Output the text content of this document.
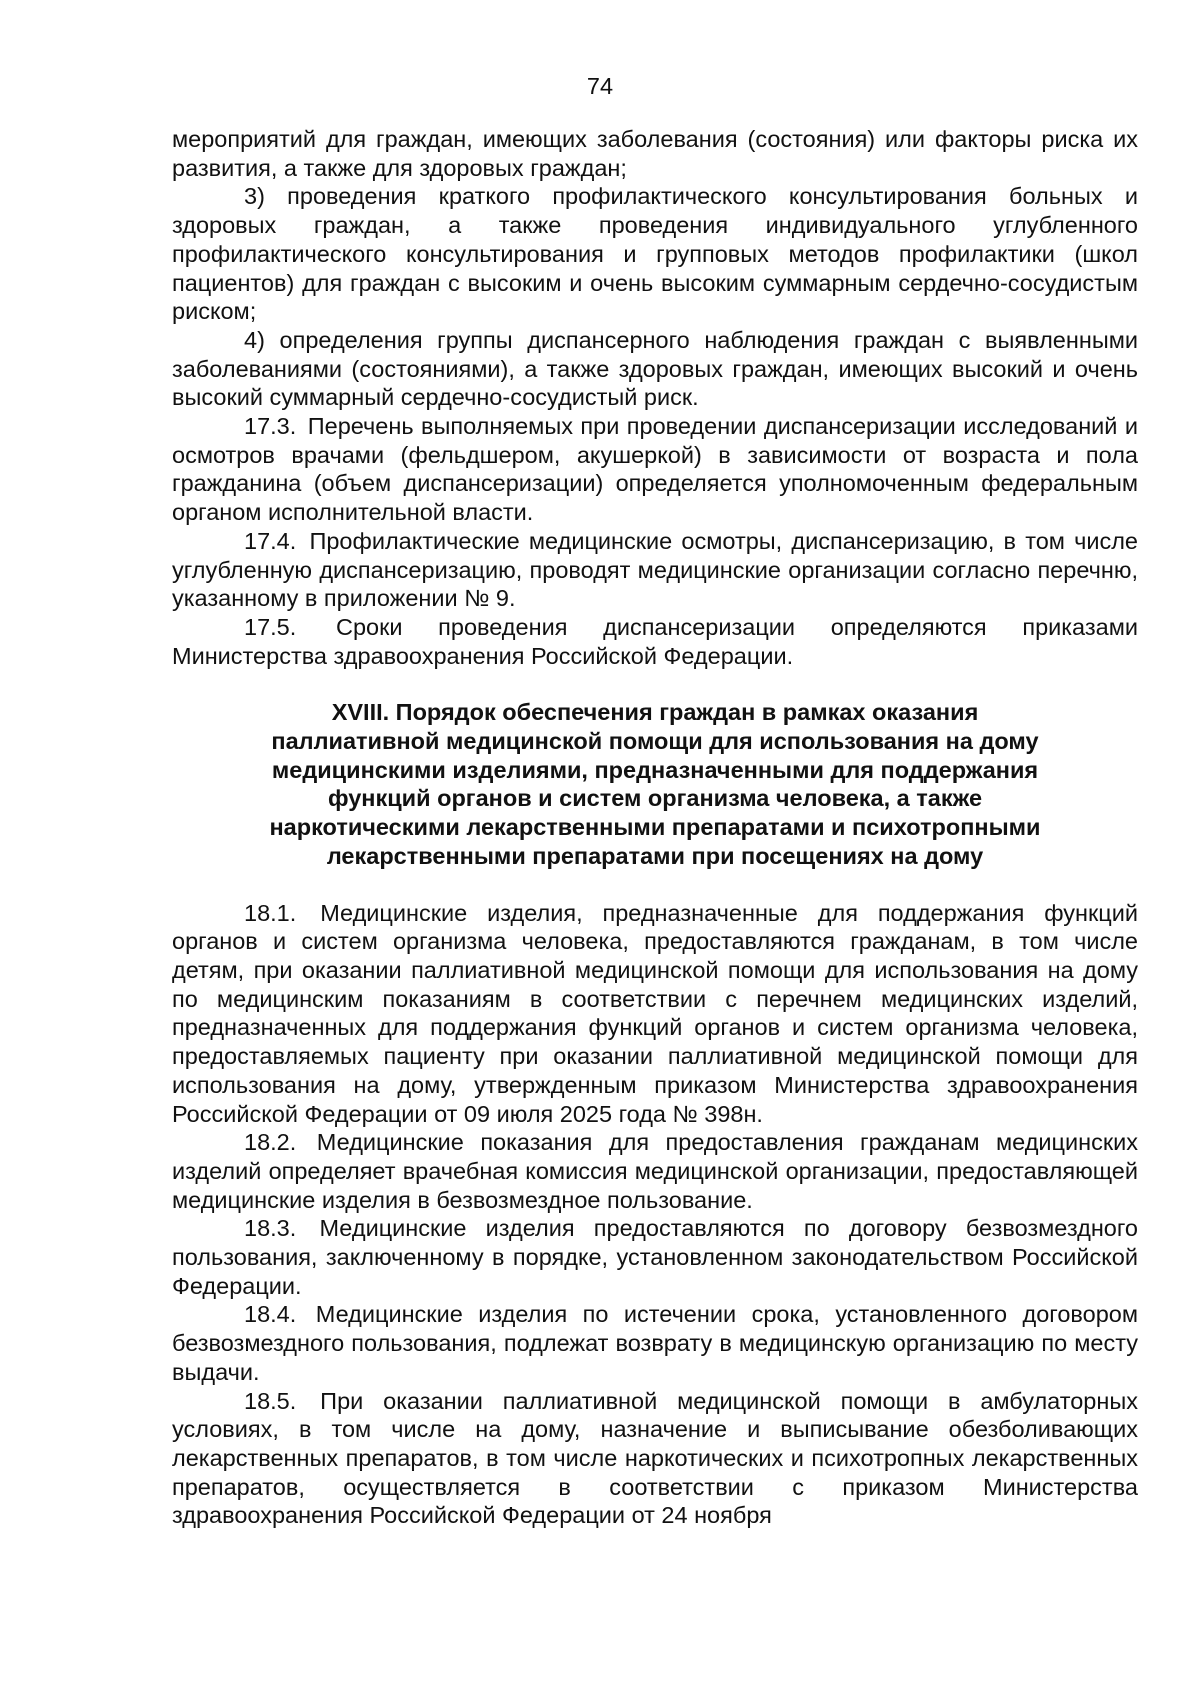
74

мероприятий для граждан, имеющих заболевания (состояния) или факторы риска их развития, а также для здоровых граждан;

3) проведения краткого профилактического консультирования больных и здоровых граждан, а также проведения индивидуального углубленного профилактического консультирования и групповых методов профилактики (школ пациентов) для граждан с высоким и очень высоким суммарным сердечно-сосудистым риском;

4) определения группы диспансерного наблюдения граждан с выявленными заболеваниями (состояниями), а также здоровых граждан, имеющих высокий и очень высокий суммарный сердечно-сосудистый риск.

17.3. Перечень выполняемых при проведении диспансеризации исследований и осмотров врачами (фельдшером, акушеркой) в зависимости от возраста и пола гражданина (объем диспансеризации) определяется уполномоченным федеральным органом исполнительной власти.

17.4. Профилактические медицинские осмотры, диспансеризацию, в том числе углубленную диспансеризацию, проводят медицинские организации согласно перечню, указанному в приложении № 9.

17.5. Сроки проведения диспансеризации определяются приказами Министерства здравоохранения Российской Федерации.

XVIII. Порядок обеспечения граждан в рамках оказания
паллиативной медицинской помощи для использования на дому
медицинскими изделиями, предназначенными для поддержания
функций органов и систем организма человека, а также
наркотическими лекарственными препаратами и психотропными
лекарственными препаратами при посещениях на дому

18.1. Медицинские изделия, предназначенные для поддержания функций органов и систем организма человека, предоставляются гражданам, в том числе детям, при оказании паллиативной медицинской помощи для использования на дому по медицинским показаниям в соответствии с перечнем медицинских изделий, предназначенных для поддержания функций органов и систем организма человека, предоставляемых пациенту при оказании паллиативной медицинской помощи для использования на дому, утвержденным приказом Министерства здравоохранения Российской Федерации от 09 июля 2025 года № 398н.

18.2. Медицинские показания для предоставления гражданам медицинских изделий определяет врачебная комиссия медицинской организации, предоставляющей медицинские изделия в безвозмездное пользование.

18.3. Медицинские изделия предоставляются по договору безвозмездного пользования, заключенному в порядке, установленном законодательством Российской Федерации.

18.4. Медицинские изделия по истечении срока, установленного договором безвозмездного пользования, подлежат возврату в медицинскую организацию по месту выдачи.

18.5. При оказании паллиативной медицинской помощи в амбулаторных условиях, в том числе на дому, назначение и выписывание обезболивающих лекарственных препаратов, в том числе наркотических и психотропных лекарственных препаратов, осуществляется в соответствии с приказом Министерства здравоохранения Российской Федерации от 24 ноября
